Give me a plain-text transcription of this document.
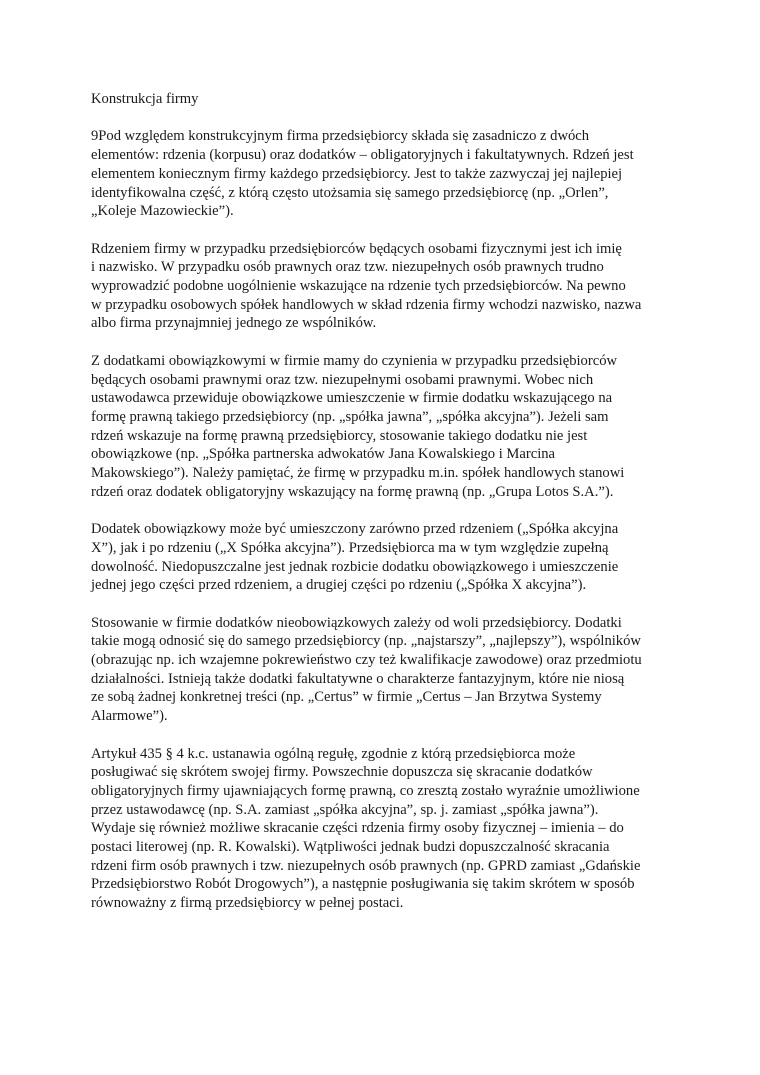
Konstrukcja firmy

9Pod względem konstrukcyjnym firma przedsiębiorcy składa się zasadniczo z dwóch
elementów: rdzenia (korpusu) oraz dodatków – obligatoryjnych i fakultatywnych. Rdzeń jest
elementem koniecznym firmy każdego przedsiębiorcy. Jest to także zazwyczaj jej najlepiej
identyfikowalna część, z którą często utożsamia się samego przedsiębiorcę (np. „Orlen”,
„Koleje Mazowieckie”).

Rdzeniem firmy w przypadku przedsiębiorców będących osobami fizycznymi jest ich imię
i nazwisko. W przypadku osób prawnych oraz tzw. niezupełnych osób prawnych trudno
wyprowadzić podobne uogólnienie wskazujące na rdzenie tych przedsiębiorców. Na pewno
w przypadku osobowych spółek handlowych w skład rdzenia firmy wchodzi nazwisko, nazwa
albo firma przynajmniej jednego ze wspólników.

Z dodatkami obowiązkowymi w firmie mamy do czynienia w przypadku przedsiębiorców
będących osobami prawnymi oraz tzw. niezupełnymi osobami prawnymi. Wobec nich
ustawodawca przewiduje obowiązkowe umieszczenie w firmie dodatku wskazującego na
formę prawną takiego przedsiębiorcy (np. „spółka jawna”, „spółka akcyjna”). Jeżeli sam
rdzeń wskazuje na formę prawną przedsiębiorcy, stosowanie takiego dodatku nie jest
obowiązkowe (np. „Spółka partnerska adwokatów Jana Kowalskiego i Marcina
Makowskiego”). Należy pamiętać, że firmę w przypadku m.in. spółek handlowych stanowi
rdzeń oraz dodatek obligatoryjny wskazujący na formę prawną (np. „Grupa Lotos S.A.”).

Dodatek obowiązkowy może być umieszczony zarówno przed rdzeniem („Spółka akcyjna
X”), jak i po rdzeniu („X Spółka akcyjna”). Przedsiębiorca ma w tym względzie zupełną
dowolność. Niedopuszczalne jest jednak rozbicie dodatku obowiązkowego i umieszczenie
jednej jego części przed rdzeniem, a drugiej części po rdzeniu („Spółka X akcyjna”).

Stosowanie w firmie dodatków nieobowiązkowych zależy od woli przedsiębiorcy. Dodatki
takie mogą odnosić się do samego przedsiębiorcy (np. „najstarszy”, „najlepszy”), wspólników
(obrazując np. ich wzajemne pokrewieństwo czy też kwalifikacje zawodowe) oraz przedmiotu
działalności. Istnieją także dodatki fakultatywne o charakterze fantazyjnym, które nie niosą
ze sobą żadnej konkretnej treści (np. „Certus” w firmie „Certus – Jan Brzytwa Systemy
Alarmowe”).

Artykuł 435 § 4 k.c. ustanawia ogólną regułę, zgodnie z którą przedsiębiorca może
posługiwać się skrótem swojej firmy. Powszechnie dopuszcza się skracanie dodatków
obligatoryjnych firmy ujawniających formę prawną, co zresztą zostało wyraźnie umożliwione
przez ustawodawcę (np. S.A. zamiast „spółka akcyjna”, sp. j. zamiast „spółka jawna”).
Wydaje się również możliwe skracanie części rdzenia firmy osoby fizycznej – imienia – do
postaci literowej (np. R. Kowalski). Wątpliwości jednak budzi dopuszczalność skracania
rdzeni firm osób prawnych i tzw. niezupełnych osób prawnych (np. GPRD zamiast „Gdańskie
Przedsiębiorstwo Robót Drogowych”), a następnie posługiwania się takim skrótem w sposób
równoważny z firmą przedsiębiorcy w pełnej postaci.
